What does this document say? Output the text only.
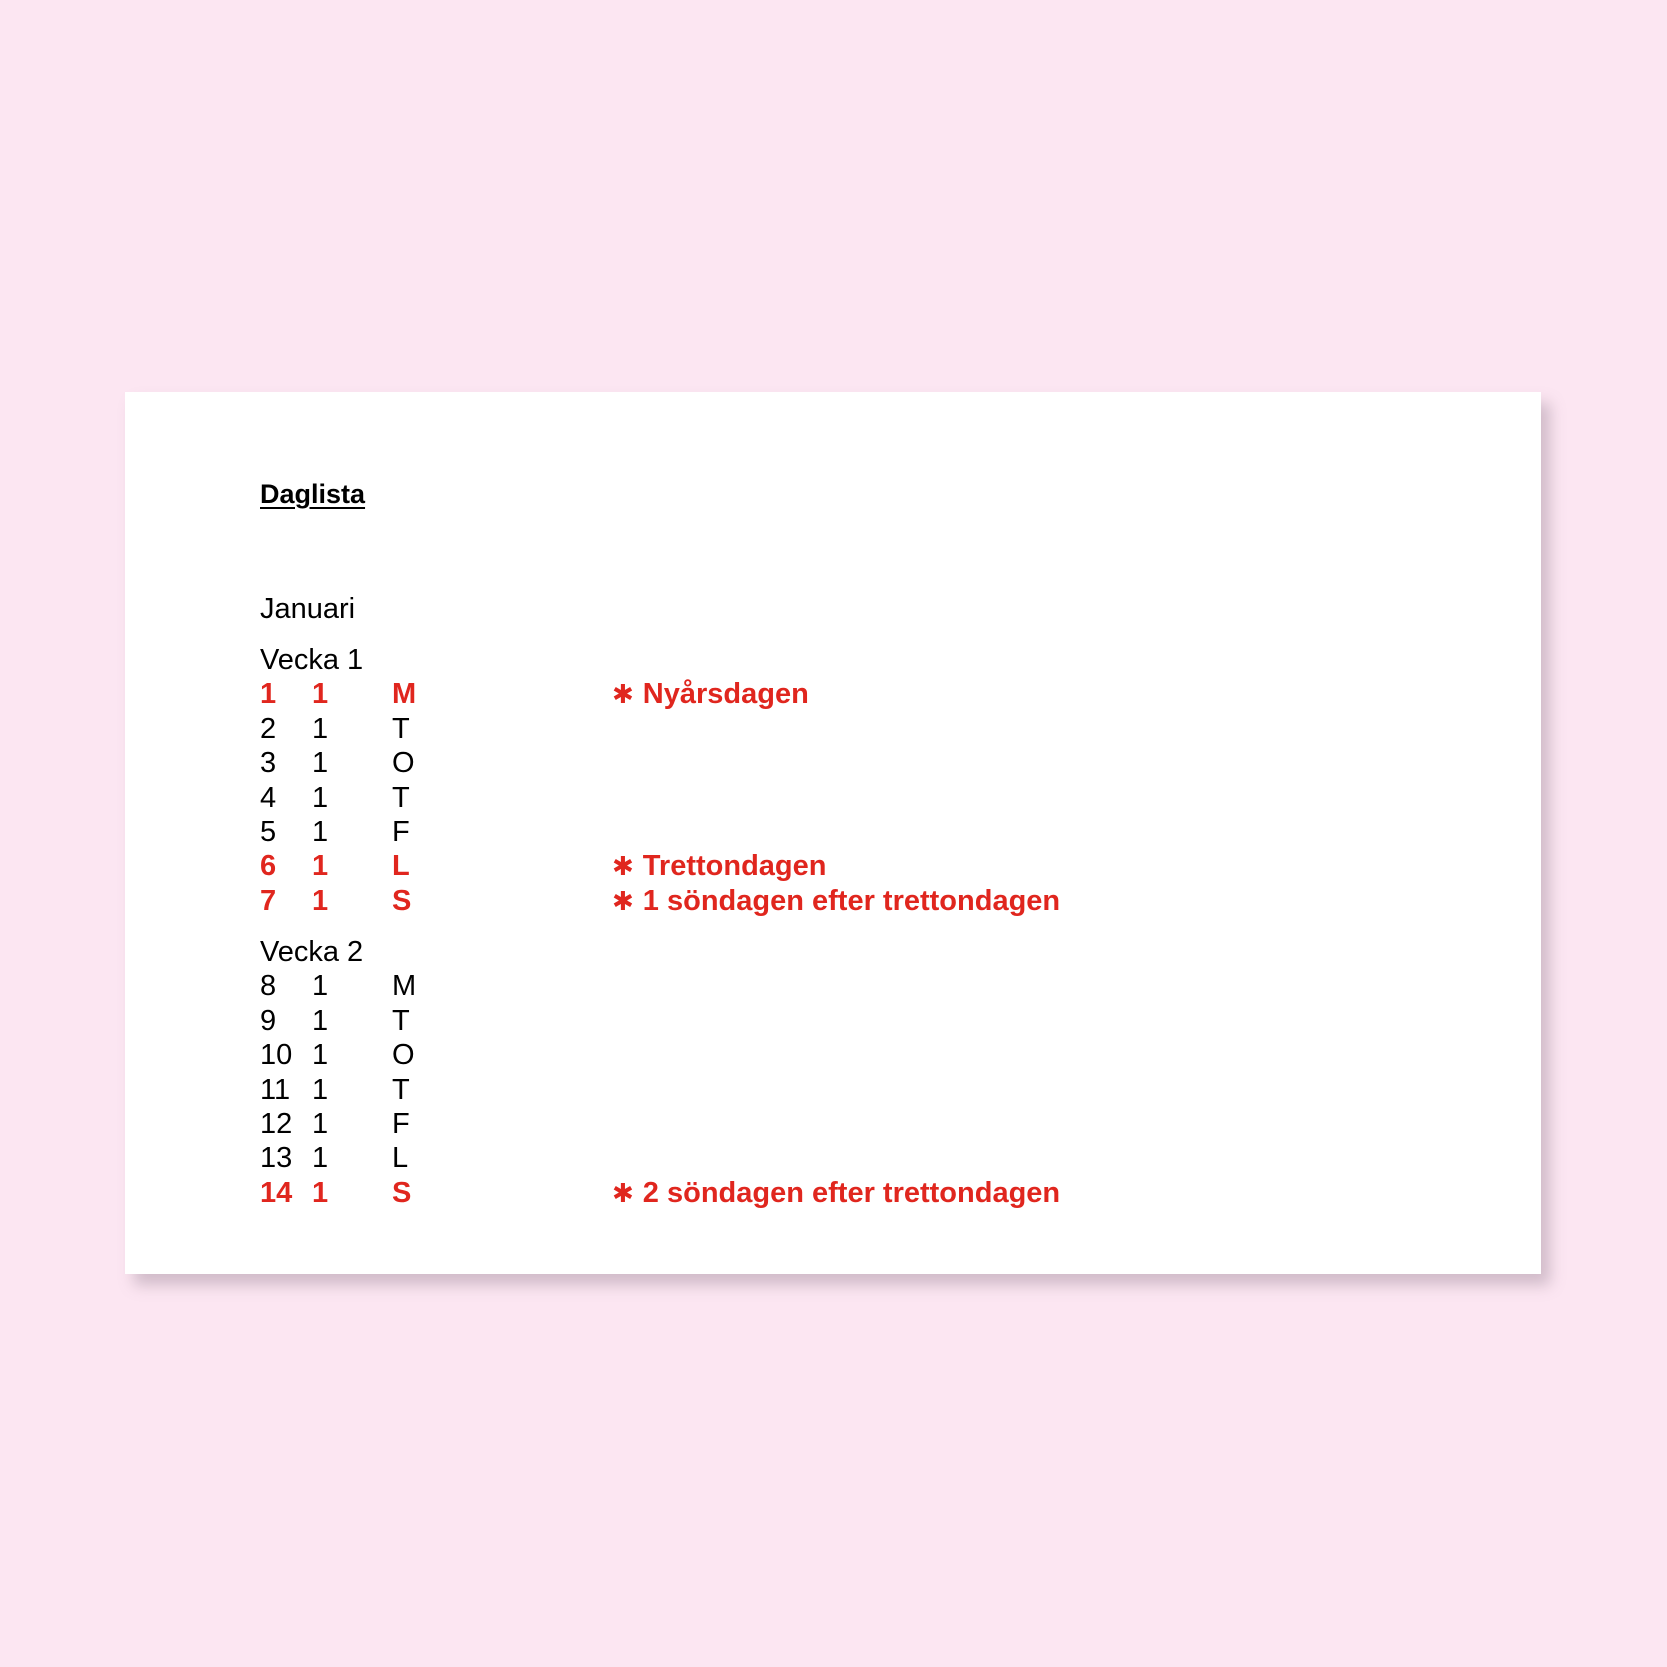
Daglista
Januari
Vecka 1
1 1 M	✱ Nyårsdagen
2 1 T
3 1 O
4 1 T
5 1 F
6 1 L	✱ Trettondagen
7 1 S	✱ 1 söndagen efter trettondagen
Vecka 2
8 1 M
9 1 T
10 1 O
11 1 T
12 1 F
13 1 L
14 1 S	✱ 2 söndagen efter trettondagen
